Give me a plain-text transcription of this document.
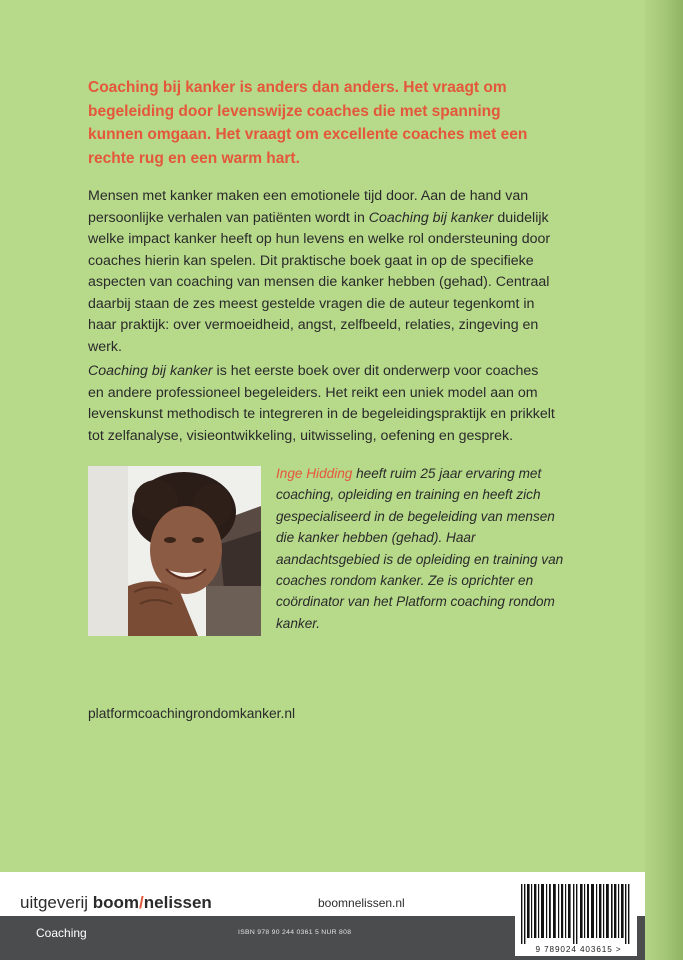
Coaching bij kanker is anders dan anders. Het vraagt om begeleiding door levenswijze coaches die met spanning kunnen omgaan. Het vraagt om excellente coaches met een rechte rug en een warm hart.

Mensen met kanker maken een emotionele tijd door. Aan de hand van persoonlijke verhalen van patiënten wordt in Coaching bij kanker duidelijk welke impact kanker heeft op hun levens en welke rol ondersteuning door coaches hierin kan spelen. Dit praktische boek gaat in op de specifieke aspecten van coaching van mensen die kanker hebben (gehad). Centraal daarbij staan de zes meest gestelde vragen die de auteur tegenkomt in haar praktijk: over vermoeidheid, angst, zelfbeeld, relaties, zingeving en werk.

Coaching bij kanker is het eerste boek over dit onderwerp voor coaches en andere professioneel begeleiders. Het reikt een uniek model aan om levenskunst methodisch te integreren in de begeleidingspraktijk en prikkelt tot zelfanalyse, visieontwikkeling, uitwisseling, oefening en gesprek.

Inge Hidding heeft ruim 25 jaar ervaring met coaching, opleiding en training en heeft zich gespecialiseerd in de begeleiding van mensen die kanker hebben (gehad). Haar aandachtsgebied is de opleiding en training van coaches rondom kanker. Ze is oprichter en coördinator van het Platform coaching rondom kanker.

platformcoachingrondomkanker.nl

uitgeverij boom/nelissen	boomnelissen.nl
Coaching	ISBN 978 90 244 0361 5 NUR 808
9 789024 403615 >
